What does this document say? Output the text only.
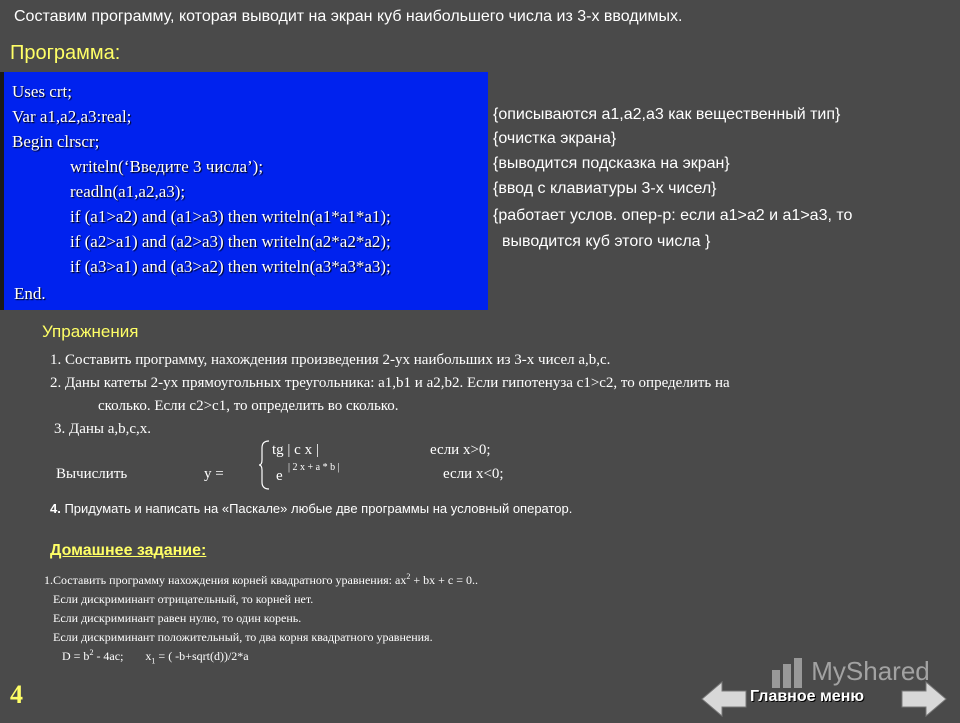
Составим программу, которая выводит на экран куб наибольшего числа из 3-х вводимых.
Программа:
Uses crt;
Var a1,a2,a3:real;
Begin clrscr;
writeln(‘Введите 3 числа’);
readln(a1,a2,a3);
if (a1>a2) and (a1>a3) then writeln(a1*a1*a1);
if (a2>a1) and (a2>a3) then writeln(a2*a2*a2);
if (a3>a1) and (a3>a2) then writeln(a3*a3*a3);
End.
{описываются a1,a2,a3 как вещественный тип}
{очистка экрана}
{выводится подсказка на экран}
{ввод с клавиатуры 3-х чисел}
{работает услов. опер-р: если a1>a2 и a1>a3, то
выводится куб этого числа }
Упражнения
1. Составить программу, нахождения произведения 2-ух наибольших из 3-х чисел a,b,c.
2. Даны катеты 2-ух прямоугольных треугольника: a1,b1 и a2,b2. Если гипотенуза с1>c2, то определить на
сколько. Если с2>c1, то определить во сколько.
3. Даны a,b,c,x.
tg | c x |	если x>0;
Вычислить	y =	e
| 2 x + a * b |	если x<0;
4. Придумать и написать на «Паскале» любые две программы на условный оператор.
Домашнее задание:
1.Составить программу нахождения корней квадратного уравнения: $ax^2$ + bx + c = 0..
Если дискриминант отрицательный, то корней нет.
Если дискриминант равен нулю, то один корень.
Если дискриминант положительный, то два корня квадратного уравнения.
$D = b^2 - 4ac$; $x_1$ = ( -b+sqrt(d))/2*a
4
MyShared
Главное меню
